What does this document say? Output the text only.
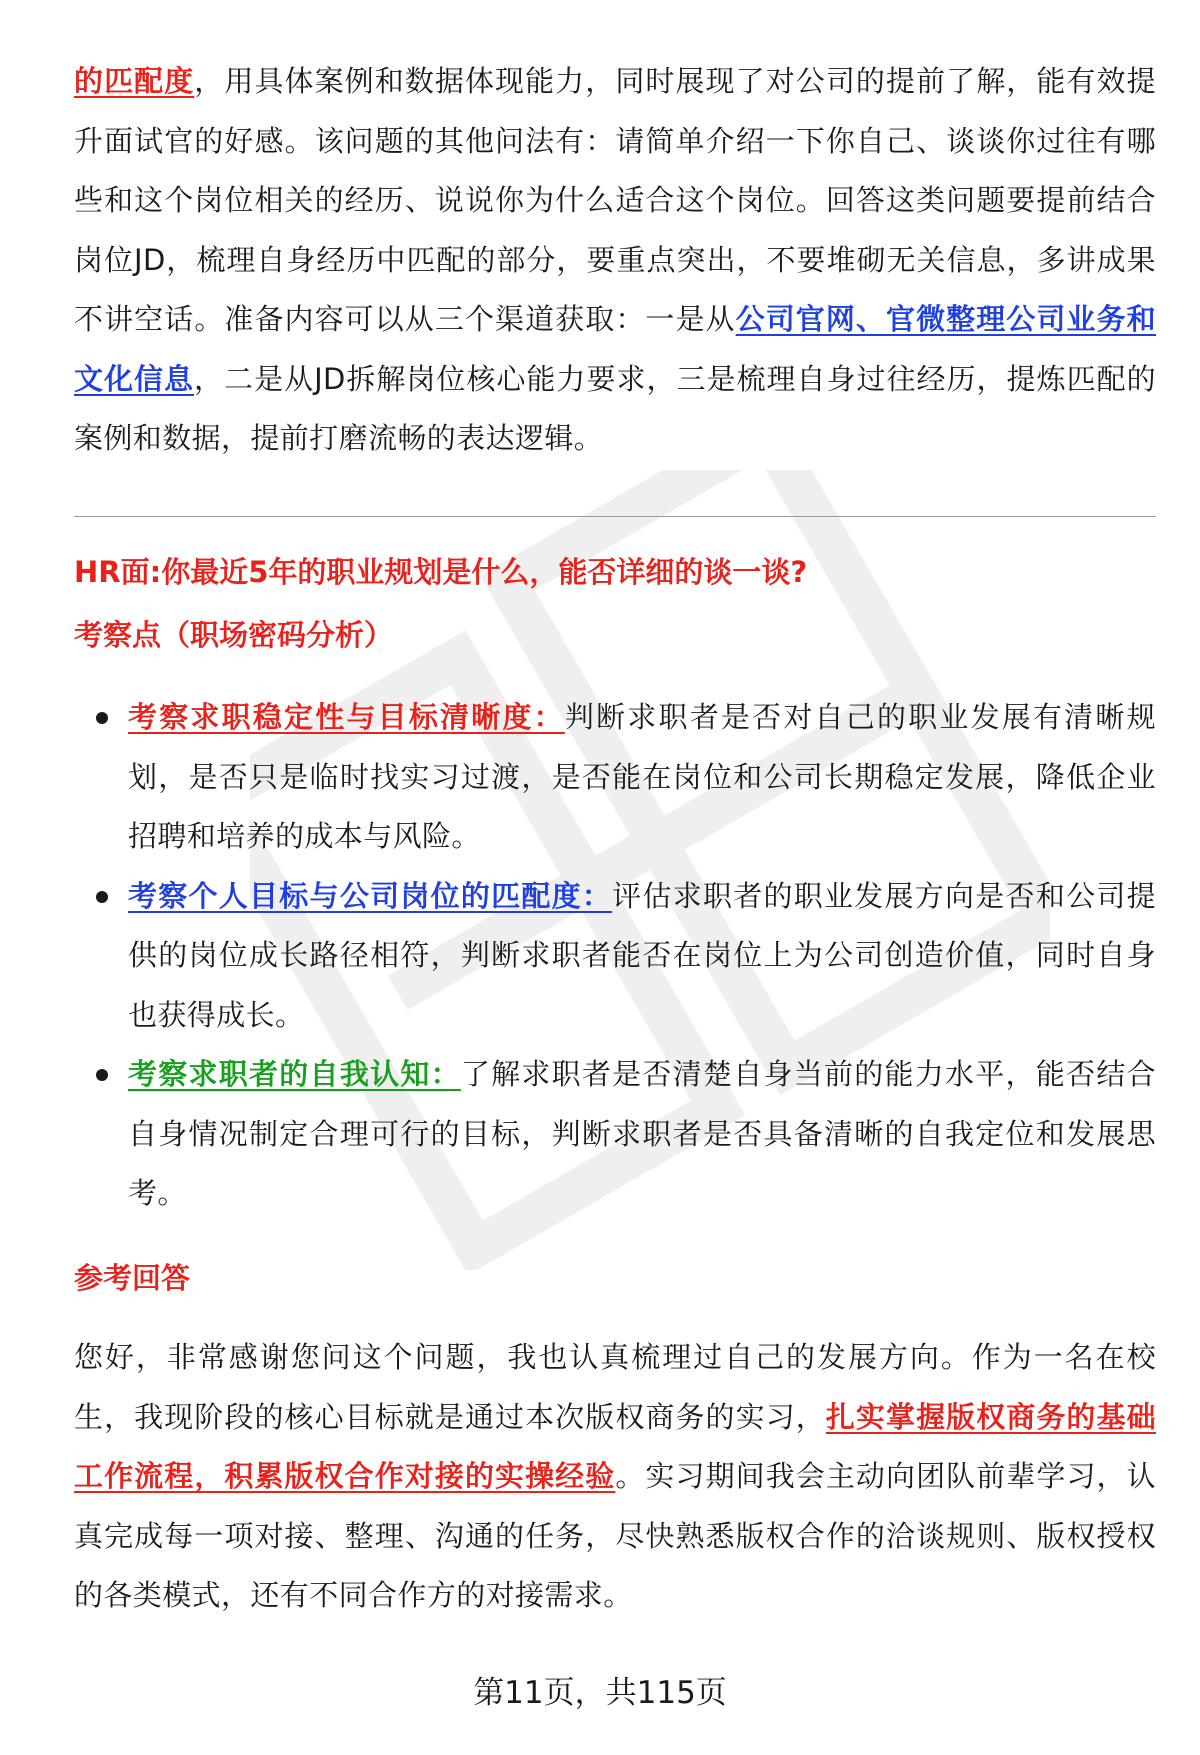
的匹配度，用具体案例和数据体现能力，同时展现了对公司的提前了解，能有效提升面试官的好感。该问题的其他问法有：请简单介绍一下你自己、谈谈你过往有哪些和这个岗位相关的经历、说说你为什么适合这个岗位。回答这类问题要提前结合岗位JD，梳理自身经历中匹配的部分，要重点突出，不要堆砌无关信息，多讲成果不讲空话。准备内容可以从三个渠道获取：一是从公司官网、官微整理公司业务和文化信息，二是从JD拆解岗位核心能力要求，三是梳理自身过往经历，提炼匹配的案例和数据，提前打磨流畅的表达逻辑。

HR面:你最近5年的职业规划是什么，能否详细的谈一谈?

考察点（职场密码分析）

考察求职稳定性与目标清晰度：判断求职者是否对自己的职业发展有清晰规划，是否只是临时找实习过渡，是否能在岗位和公司长期稳定发展，降低企业招聘和培养的成本与风险。

考察个人目标与公司岗位的匹配度：评估求职者的职业发展方向是否和公司提供的岗位成长路径相符，判断求职者能否在岗位上为公司创造价值，同时自身也获得成长。

考察求职者的自我认知：了解求职者是否清楚自身当前的能力水平，能否结合自身情况制定合理可行的目标，判断求职者是否具备清晰的自我定位和发展思考。

参考回答

您好，非常感谢您问这个问题，我也认真梳理过自己的发展方向。作为一名在校生，我现阶段的核心目标就是通过本次版权商务的实习，扎实掌握版权商务的基础工作流程，积累版权合作对接的实操经验。实习期间我会主动向团队前辈学习，认真完成每一项对接、整理、沟通的任务，尽快熟悉版权合作的洽谈规则、版权授权的各类模式，还有不同合作方的对接需求。

第11页，共115页
